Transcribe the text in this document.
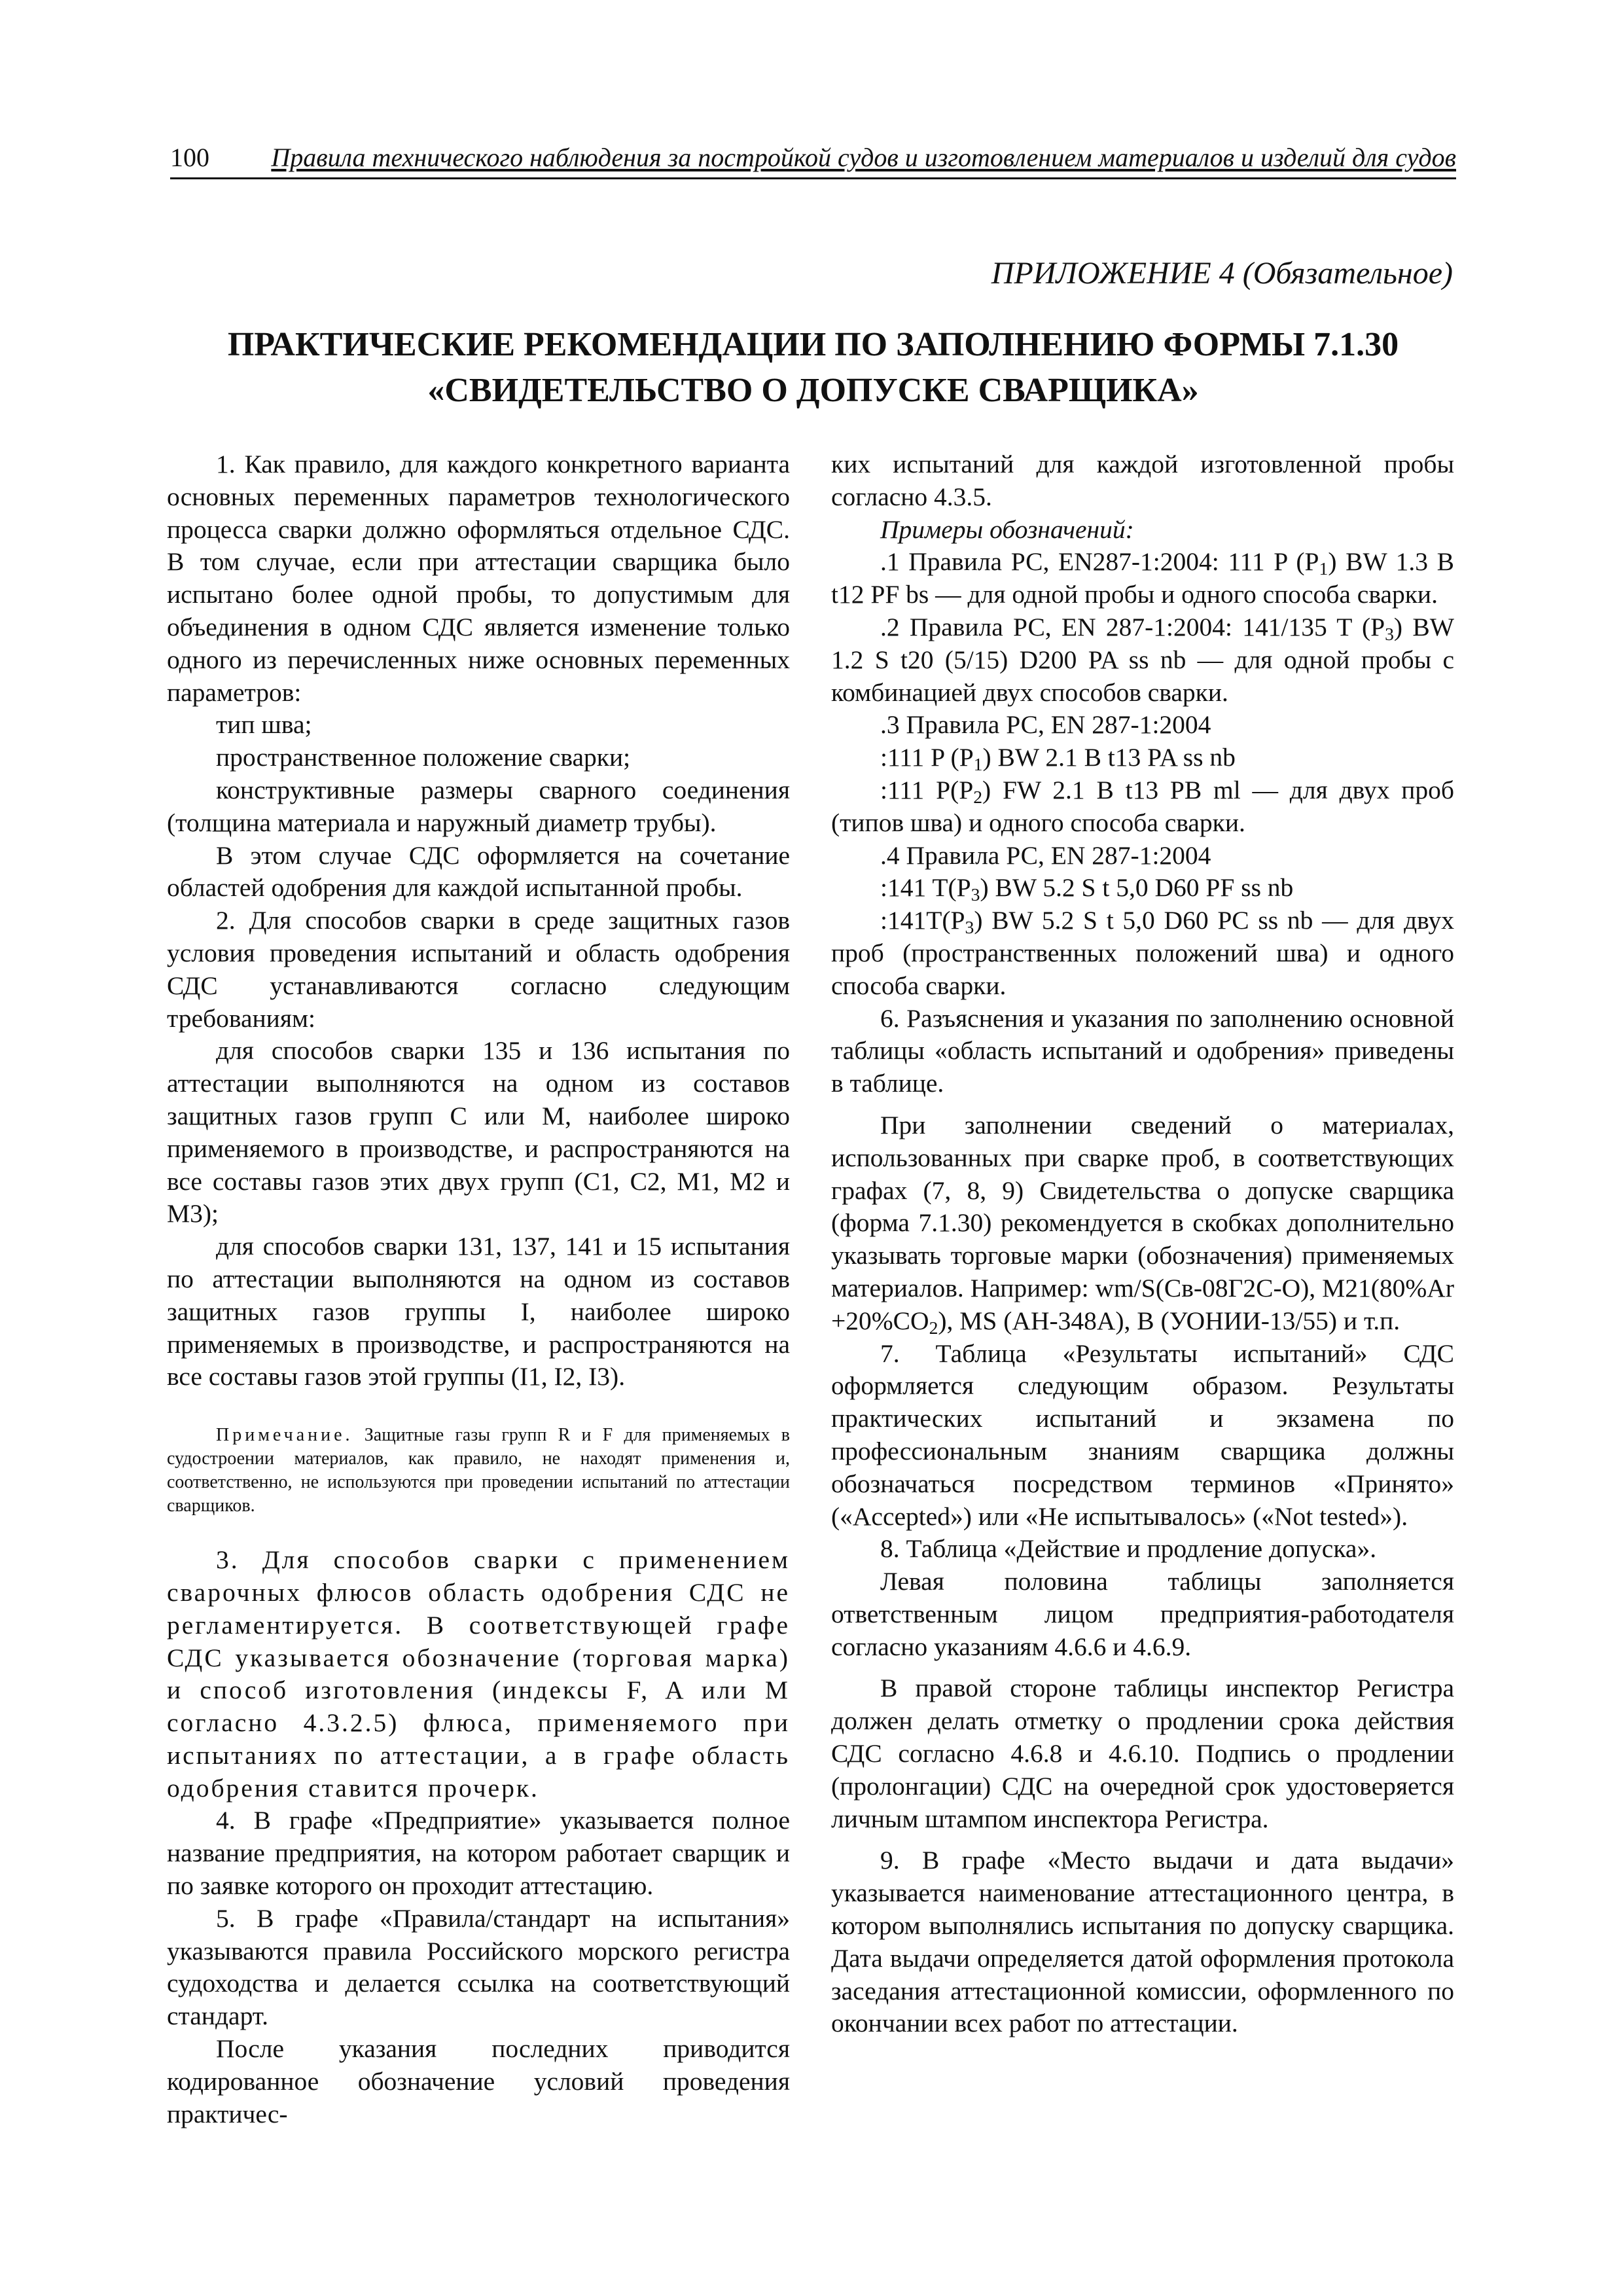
100 Правила технического наблюдения за постройкой судов и изготовлением материалов и изделий для судов
ПРИЛОЖЕНИЕ 4 (Обязательное)
ПРАКТИЧЕСКИЕ РЕКОМЕНДАЦИИ ПО ЗАПОЛНЕНИЮ ФОРМЫ 7.1.30
«СВИДЕТЕЛЬСТВО О ДОПУСКЕ СВАРЩИКА»

1. Как правило, для каждого конкретного варианта основных переменных параметров технологического процесса сварки должно оформляться отдельное СДС. В том случае, если при аттестации сварщика было испытано более одной пробы, то допустимым для объединения в одном СДС является изменение только одного из перечисленных ниже основных переменных параметров:

тип шва;

пространственное положение сварки;

конструктивные размеры сварного соединения (толщина материала и наружный диаметр трубы).

В этом случае СДС оформляется на сочетание областей одобрения для каждой испытанной пробы.

2. Для способов сварки в среде защитных газов условия проведения испытаний и область одобрения СДС устанавливаются согласно следующим требованиям:

для способов сварки 135 и 136 испытания по аттестации выполняются на одном из составов защитных газов групп C или M, наиболее широко применяемого в производстве, и распространяются на все составы газов этих двух групп (C1, C2, M1, M2 и M3);

для способов сварки 131, 137, 141 и 15 испытания по аттестации выполняются на одном из составов защитных газов группы I, наиболее широко применяемых в производстве, и распространяются на все составы газов этой группы (I1, I2, I3).

Примечание. Защитные газы групп R и F для применяемых в судостроении материалов, как правило, не находят применения и, соответственно, не используются при проведении испытаний по аттестации сварщиков.

3. Для способов сварки с применением сварочных флюсов область одобрения СДС не регламентируется. В соответствующей графе СДС указывается обозначение (торговая марка) и способ изготовления (индексы F, A или M согласно 4.3.2.5) флюса, применяемого при испытаниях по аттестации, а в графе область одобрения ставится прочерк.

4. В графе «Предприятие» указывается полное название предприятия, на котором работает сварщик и по заявке которого он проходит аттестацию.

5. В графе «Правила/стандарт на испытания» указываются правила Российского морского регистра судоходства и делается ссылка на соответствующий стандарт.

После указания последних приводится кодированное обозначение условий проведения практичес-

ких испытаний для каждой изготовленной пробы согласно 4.3.5.

Примеры обозначений:

.1 Правила РС, EN287-1:2004: 111 P $(P_1)$ BW 1.3 B t12 PF bs — для одной пробы и одного способа сварки.

.2 Правила РС, EN 287-1:2004: 141/135 T $(P_3)$ BW 1.2 S t20 (5/15) D200 PA ss nb — для одной пробы с комбинацией двух способов сварки.

.3 Правила РС, EN 287-1:2004

:111 P $(P_1)$ BW 2.1 B t13 PA ss nb

:111 $P(P_2)$ FW 2.1 B t13 PB ml — для двух проб (типов шва) и одного способа сварки.

.4 Правила РС, EN 287-1:2004

:141 $T(P_3)$ BW 5.2 S t 5,0 D60 PF ss nb

$:141T(P_3)$ BW 5.2 S t 5,0 D60 PC ss nb — для двух проб (пространственных положений шва) и одного способа сварки.

6. Разъяснения и указания по заполнению основной таблицы «область испытаний и одобрения» приведены в таблице.

При заполнении сведений о материалах, использованных при сварке проб, в соответствующих графах (7, 8, 9) Свидетельства о допуске сварщика (форма 7.1.30) рекомендуется в скобках дополнительно указывать торговые марки (обозначения) применяемых материалов. Например: wm/S(Св-08Г2С-О), $M21(80\%Ar +20\%CO_2)$, MS (АН-348А), B (УОНИИ-13/55) и т.п.

7. Таблица «Результаты испытаний» СДС оформляется следующим образом. Результаты практических испытаний и экзамена по профессиональным знаниям сварщика должны обозначаться посредством терминов «Принято» («Accepted») или «Не испытывалось» («Not tested»).

8. Таблица «Действие и продление допуска».

Левая половина таблицы заполняется ответственным лицом предприятия-работодателя согласно указаниям 4.6.6 и 4.6.9.

В правой стороне таблицы инспектор Регистра должен делать отметку о продлении срока действия СДС согласно 4.6.8 и 4.6.10. Подпись о продлении (пролонгации) СДС на очередной срок удостоверяется личным штампом инспектора Регистра.

9. В графе «Место выдачи и дата выдачи» указывается наименование аттестационного центра, в котором выполнялись испытания по допуску сварщика. Дата выдачи определяется датой оформления протокола заседания аттестационной комиссии, оформленного по окончании всех работ по аттестации.
